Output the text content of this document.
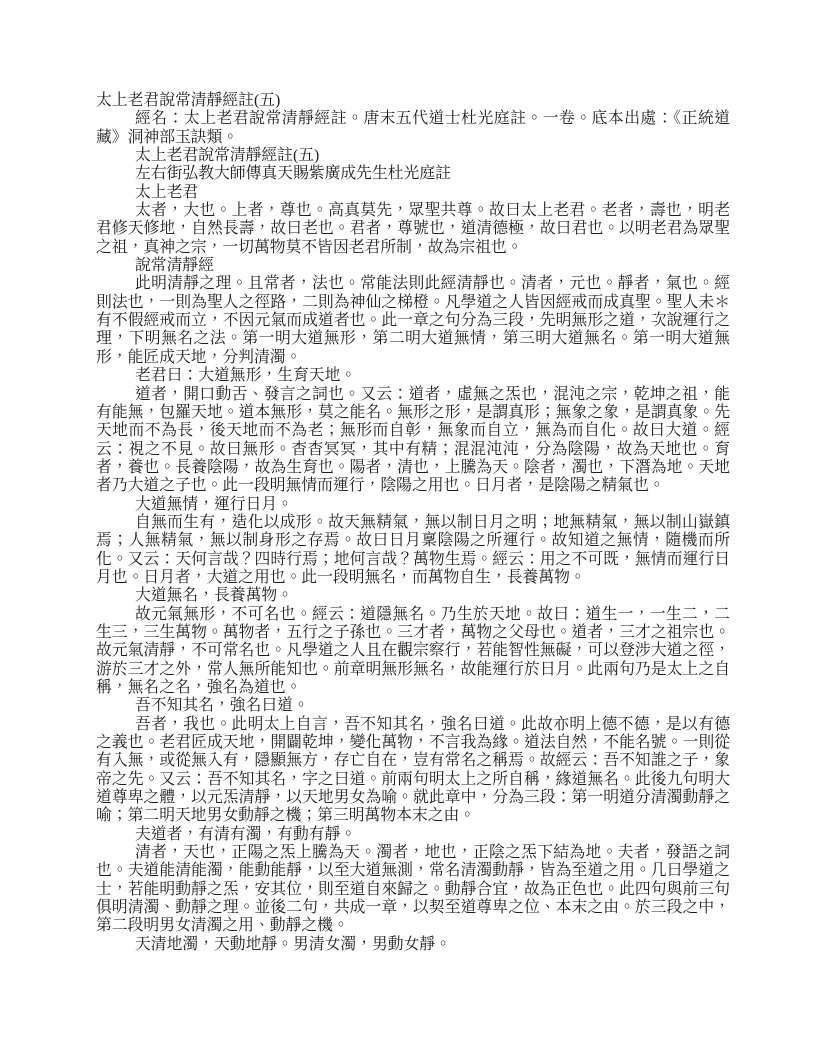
太上老君說常清靜經註(五)

經名：太上老君說常清靜經註。唐末五代道士杜光庭註。一卷。底本出處：《正統道藏》洞神部玉訣類。

太上老君說常清靜經註(五)

左右街弘教大師傳真天賜紫廣成先生杜光庭註

太上老君

太者，大也。上者，尊也。高真莫先，眾聖共尊。故曰太上老君。老者，壽也，明老君修天修地，自然長壽，故曰老也。君者，尊號也，道清德極，故曰君也。以明老君為眾聖之祖，真神之宗，一切萬物莫不皆因老君所制，故為宗祖也。

說常清靜經

此明清靜之理。且常者，法也。常能法則此經清靜也。清者，元也。靜者，氣也。經則法也，一則為聖人之徑路，二則為神仙之梯橙。凡學道之人皆因經戒而成真聖。聖人未＊有不假經戒而立，不因元氣而成道者也。此一章之句分為三段，先明無形之道，次說運行之理，下明無名之法。第一明大道無形，第二明大道無情，第三明大道無名。第一明大道無形，能匠成天地，分判清濁。

老君曰：大道無形，生育天地。

道者，開口動舌、發言之詞也。又云：道者，虛無之炁也，混沌之宗，乾坤之祖，能有能無，包羅天地。道本無形，莫之能名。無形之形，是謂真形；無象之象，是謂真象。先天地而不為長，後天地而不為老；無形而自彰，無象而自立，無為而自化。故曰大道。經云：視之不見。故曰無形。杳杳冥冥，其中有精；混混沌沌，分為陰陽，故為天地也。育者，養也。長養陰陽，故為生育也。陽者，清也，上騰為天。陰者，濁也，下潛為地。天地者乃大道之子也。此一段明無情而運行，陰陽之用也。日月者，是陰陽之精氣也。

大道無情，運行日月。

自無而生有，造化以成形。故天無精氣，無以制日月之明；地無精氣，無以制山嶽鎮焉；人無精氣，無以制身形之存焉。故曰日月稟陰陽之所運行。故知道之無情，隨機而所化。又云：天何言哉？四時行焉；地何言哉？萬物生焉。經云：用之不可既，無情而運行日月也。日月者，大道之用也。此一段明無名，而萬物自生，長養萬物。

大道無名，長養萬物。

故元氣無形，不可名也。經云：道隱無名。乃生於天地。故曰：道生一，一生二，二生三，三生萬物。萬物者，五行之子孫也。三才者，萬物之父母也。道者，三才之祖宗也。故元氣清靜，不可常名也。凡學道之人且在觀宗察行，若能智性無礙，可以登涉大道之徑，游於三才之外，常人無所能知也。前章明無形無名，故能運行於日月。此兩句乃是太上之自稱，無名之名，強名為道也。

吾不知其名，強名曰道。

吾者，我也。此明太上自言，吾不知其名，強名曰道。此故亦明上德不德，是以有德之義也。老君匠成天地，開闢乾坤，變化萬物，不言我為緣。道法自然，不能名號。一則從有入無，或從無入有，隱顯無方，存亡自在，豈有常名之稱焉。故經云：吾不知誰之子，象帝之先。又云：吾不知其名，字之曰道。前兩句明太上之所自稱，緣道無名。此後九句明大道尊卑之體，以元炁清靜，以天地男女為喻。就此章中，分為三段：第一明道分清濁動靜之喻；第二明天地男女動靜之機；第三明萬物本末之由。

夫道者，有清有濁，有動有靜。

清者，天也，正陽之炁上騰為天。濁者，地也，正陰之炁下結為地。夫者，發語之詞也。夫道能清能濁，能動能靜，以至大道無測，常名清濁動靜，皆為至道之用。几曰學道之士，若能明動靜之炁，安其位，則至道自來歸之。動靜合宜，故為正色也。此四句與前三句俱明清濁、動靜之理。並後二句，共成一章，以契至道尊卑之位、本末之由。於三段之中，第二段明男女清濁之用、動靜之機。

天清地濁，天動地靜。男清女濁，男動女靜。
